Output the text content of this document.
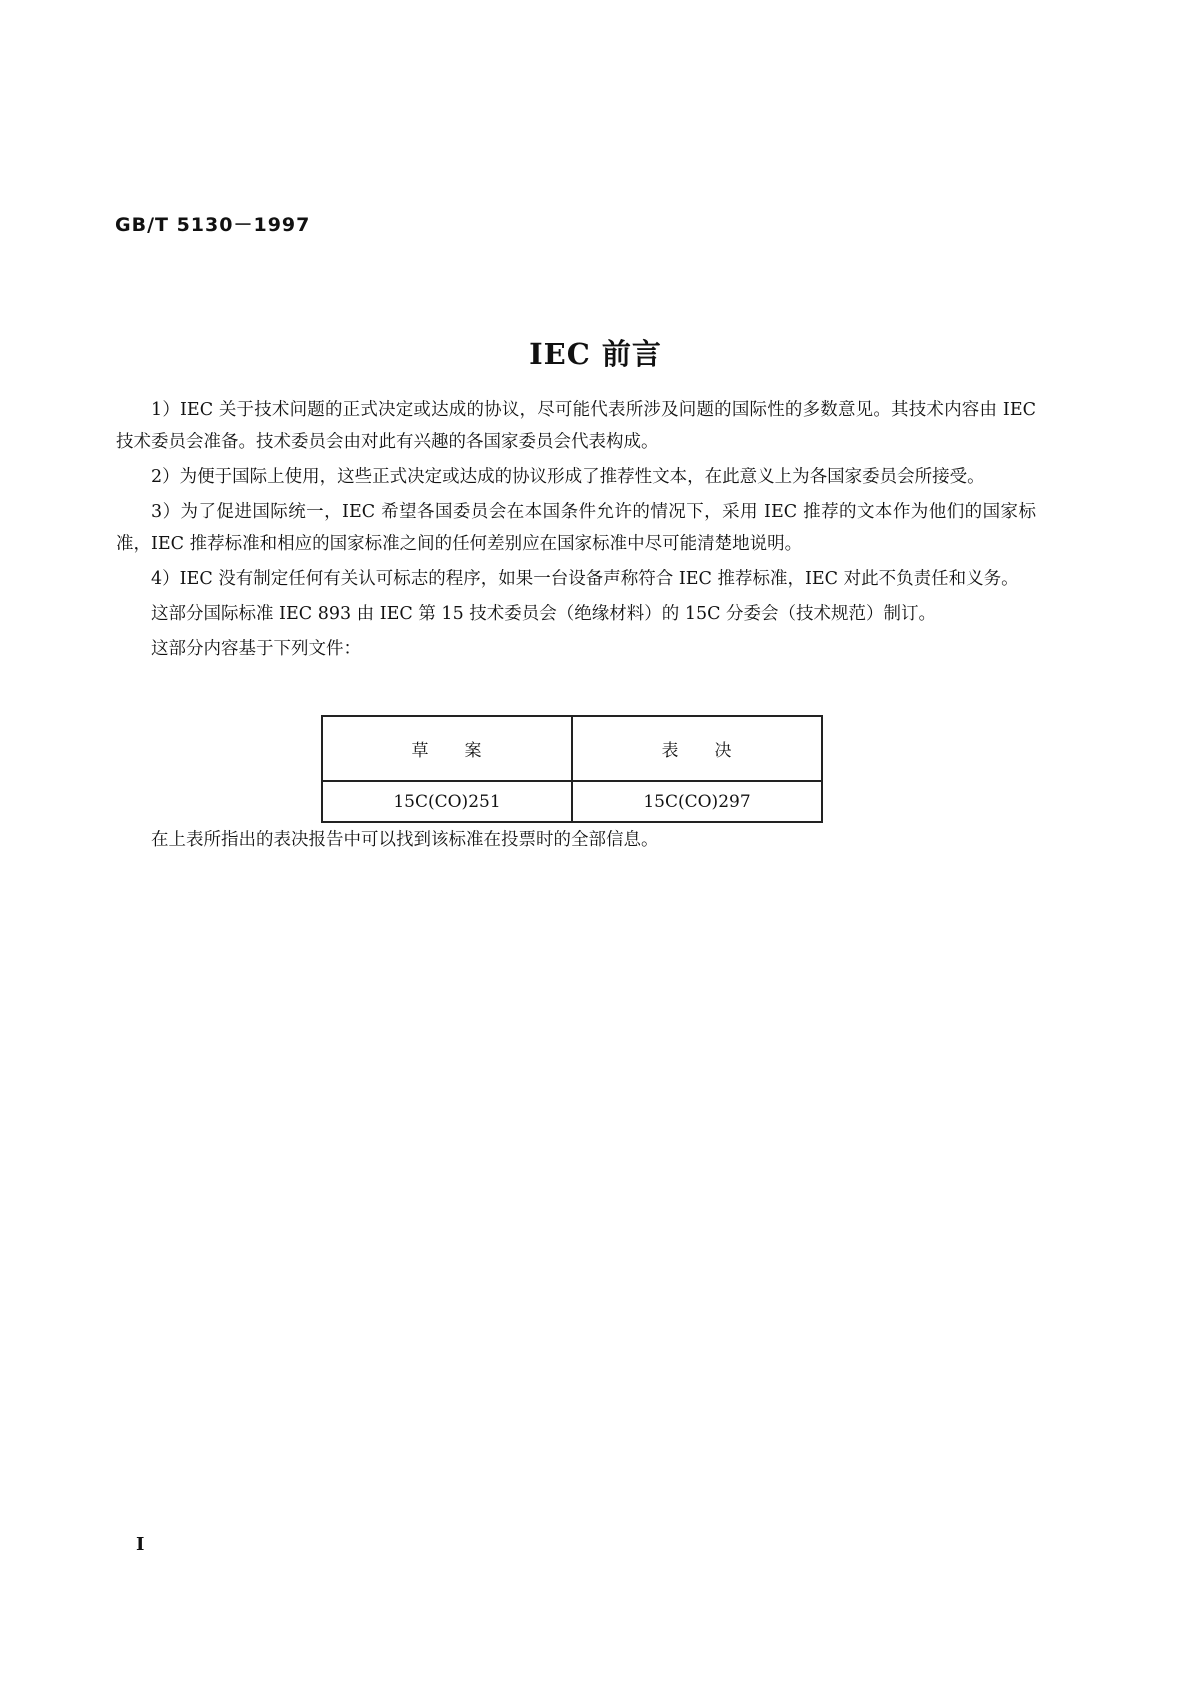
GB/T 5130－1997
IEC 前言

1）IEC 关于技术问题的正式决定或达成的协议，尽可能代表所涉及问题的国际性的多数意见。其技术内容由 IEC 技术委员会准备。技术委员会由对此有兴趣的各国家委员会代表构成。

2）为便于国际上使用，这些正式决定或达成的协议形成了推荐性文本，在此意义上为各国家委员会所接受。

3）为了促进国际统一，IEC 希望各国委员会在本国条件允许的情况下，采用 IEC 推荐的文本作为他们的国家标准，IEC 推荐标准和相应的国家标准之间的任何差别应在国家标准中尽可能清楚地说明。

4）IEC 没有制定任何有关认可标志的程序，如果一台设备声称符合 IEC 推荐标准，IEC 对此不负责任和义务。

这部分国际标准 IEC 893 由 IEC 第 15 技术委员会（绝缘材料）的 15C 分委会（技术规范）制订。

这部分内容基于下列文件：

草案	表决
15C(CO)251	15C(CO)297
在上表所指出的表决报告中可以找到该标准在投票时的全部信息。
Ⅰ
